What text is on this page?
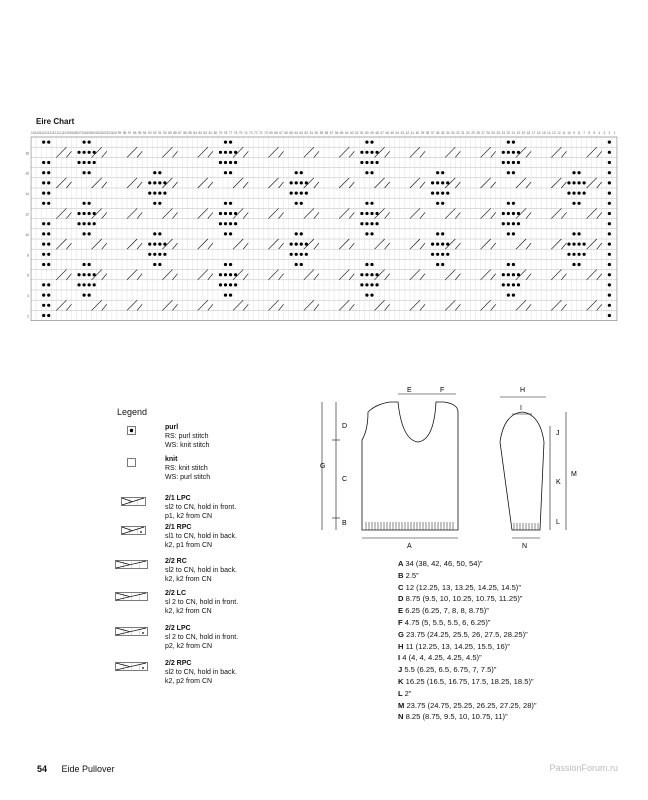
Eire Chart
116 115 114 113 112 111 110 109 108 107 106 105 104 103 102 101 100 99 98 97 96 95 94 93 92 91 90 89 88 87 86 85 84 83 82 81 80 79 78 77 76 75 74 73 72 71 70 69 68 67 66 65 64 63 62 61 60 59 58 57 56 55 54 53 52 51 50 49 48 47 46 45 44 43 42 41 40 39 38 37 36 35 34 33 32 31 30 29 28 27 26 25 24 23 22 21 20 19 18 17 16 15 14 13 12 11 10 9 8 7 6 5 4 3 2 1
18
16
14
12
10
8
6
4
2
Legend
purl
RS: purl stitch
WS: knit stitch
knit
RS: knit stitch
WS: purl stitch
2/1 LPC
sl2 to CN, hold in front.
p1, k2 from CN
2/1 RPC
sl1 to CN, hold in back.
k2, p1 from CN
2/2 RC
sl2 to CN, hold in back.
k2, k2 from CN
2/2 LC
sl 2 to CN, hold in front.
k2, k2 from CN
2/2 LPC
sl 2 to CN, hold in front.
p2, k2 from CN
2/2 RPC
sl2 to CN, hold in back.
k2, p2 from CN
D
C
B
G
E	F
A
H
I
J
K
L
M
N
A 34 (38, 42, 46, 50, 54)”
B 2.5”
C 12 (12.25, 13, 13.25, 14.25, 14.5)”
D 8.75 (9.5, 10, 10.25, 10.75, 11.25)”
E 6.25 (6.25, 7, 8, 8, 8.75)”
F 4.75 (5, 5.5, 5.5, 6, 6.25)”
G 23.75 (24.25, 25.5, 26, 27.5, 28.25)”
H 11 (12.25, 13, 14.25, 15.5, 16)”
I 4 (4, 4, 4.25, 4.25, 4.5)”
J 5.5 (6.25, 6.5, 6.75, 7, 7.5)”
K 16.25 (16.5, 16.75, 17.5, 18.25, 18.5)”
L 2”
M 23.75 (24.75, 25.25, 26.25, 27.25, 28)”
N 8.25 (8.75, 9.5, 10, 10.75, 11)”
54 Eide Pullover	PassionForum.ru
